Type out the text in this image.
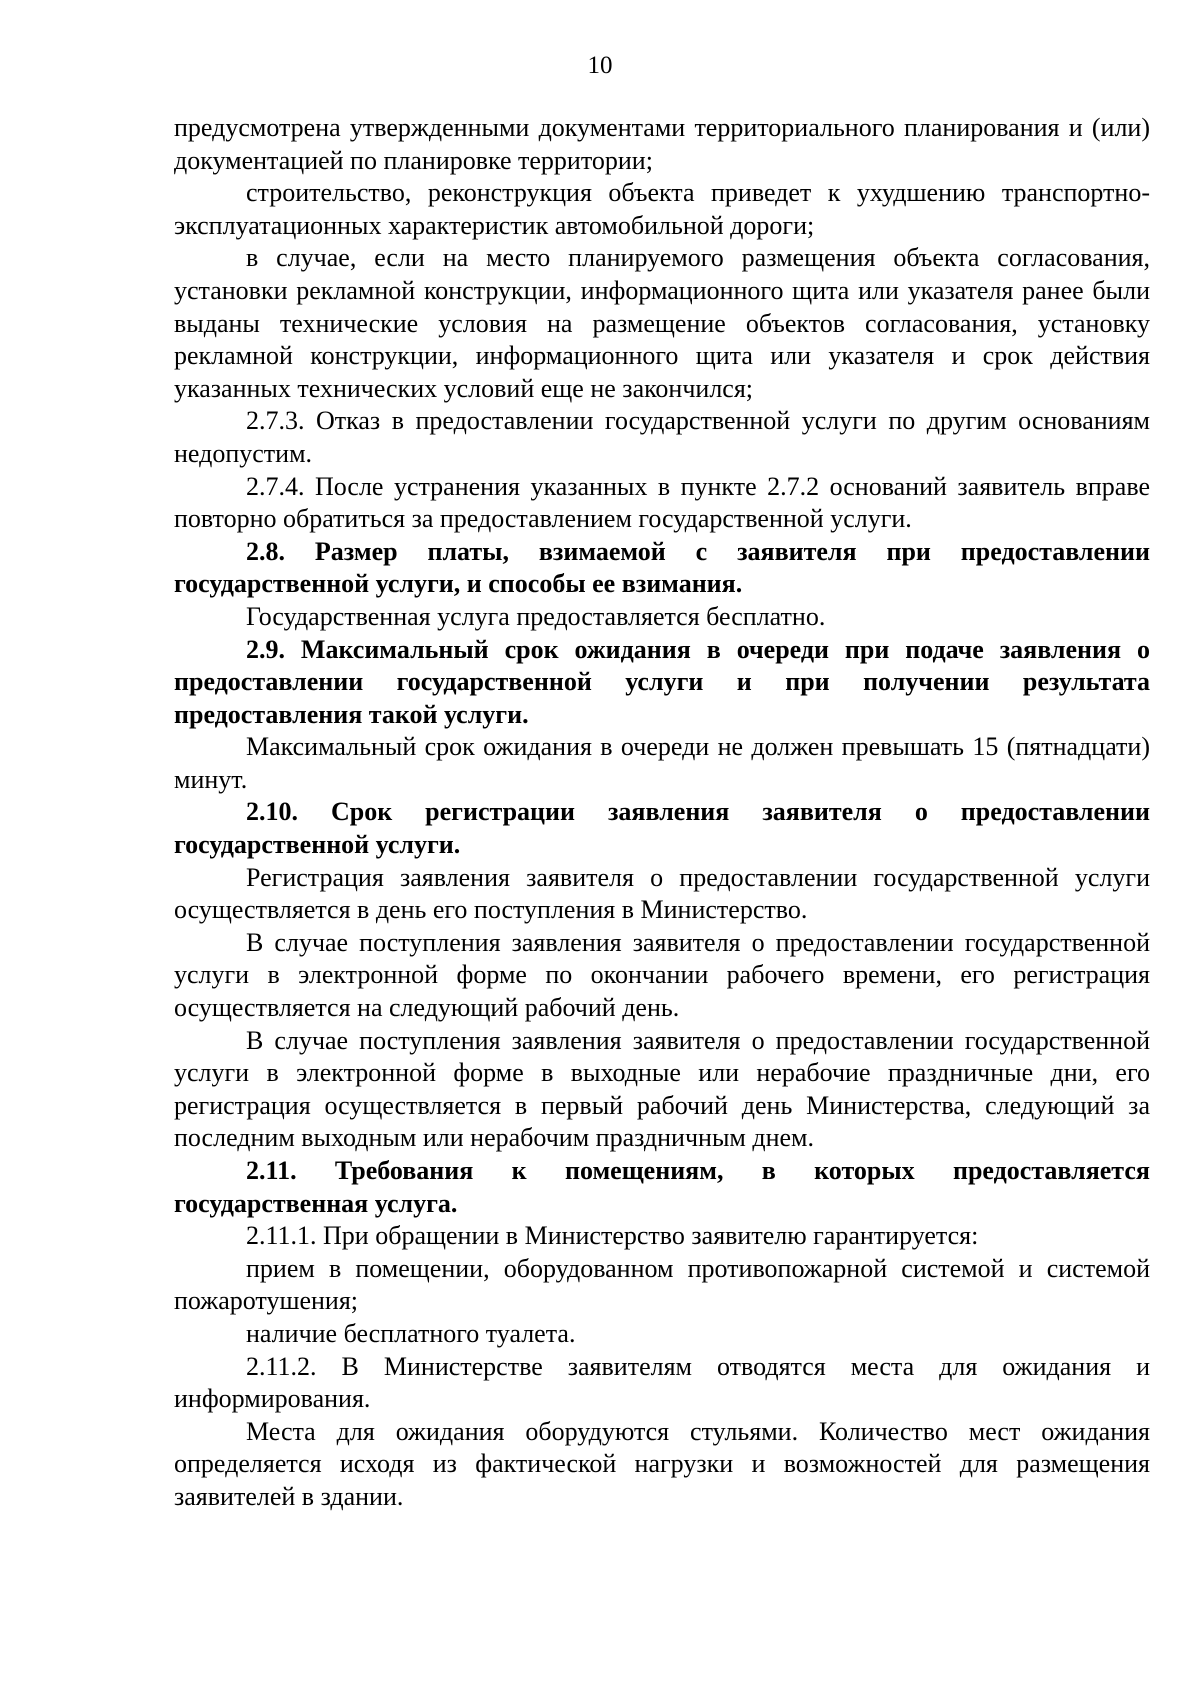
10

предусмотрена утвержденными документами территориального планирования и (или) документацией по планировке территории;

строительство, реконструкция объекта приведет к ухудшению транспортно-эксплуатационных характеристик автомобильной дороги;

в случае, если на место планируемого размещения объекта согласования, установки рекламной конструкции, информационного щита или указателя ранее были выданы технические условия на размещение объектов согласования, установку рекламной конструкции, информационного щита или указателя и срок действия указанных технических условий еще не закончился;

2.7.3. Отказ в предоставлении государственной услуги по другим основаниям недопустим.

2.7.4. После устранения указанных в пункте 2.7.2 оснований заявитель вправе повторно обратиться за предоставлением государственной услуги.

2.8. Размер платы, взимаемой с заявителя при предоставлении государственной услуги, и способы ее взимания.

Государственная услуга предоставляется бесплатно.

2.9. Максимальный срок ожидания в очереди при подаче заявления о предоставлении государственной услуги и при получении результата предоставления такой услуги.

Максимальный срок ожидания в очереди не должен превышать 15 (пятнадцати) минут.

2.10. Срок регистрации заявления заявителя о предоставлении государственной услуги.

Регистрация заявления заявителя о предоставлении государственной услуги осуществляется в день его поступления в Министерство.

В случае поступления заявления заявителя о предоставлении государственной услуги в электронной форме по окончании рабочего времени, его регистрация осуществляется на следующий рабочий день.

В случае поступления заявления заявителя о предоставлении государственной услуги в электронной форме в выходные или нерабочие праздничные дни, его регистрация осуществляется в первый рабочий день Министерства, следующий за последним выходным или нерабочим праздничным днем.

2.11. Требования к помещениям, в которых предоставляется государственная услуга.

2.11.1. При обращении в Министерство заявителю гарантируется:

прием в помещении, оборудованном противопожарной системой и системой пожаротушения;

наличие бесплатного туалета.

2.11.2. В Министерстве заявителям отводятся места для ожидания и информирования.

Места для ожидания оборудуются стульями. Количество мест ожидания определяется исходя из фактической нагрузки и возможностей для размещения заявителей в здании.
